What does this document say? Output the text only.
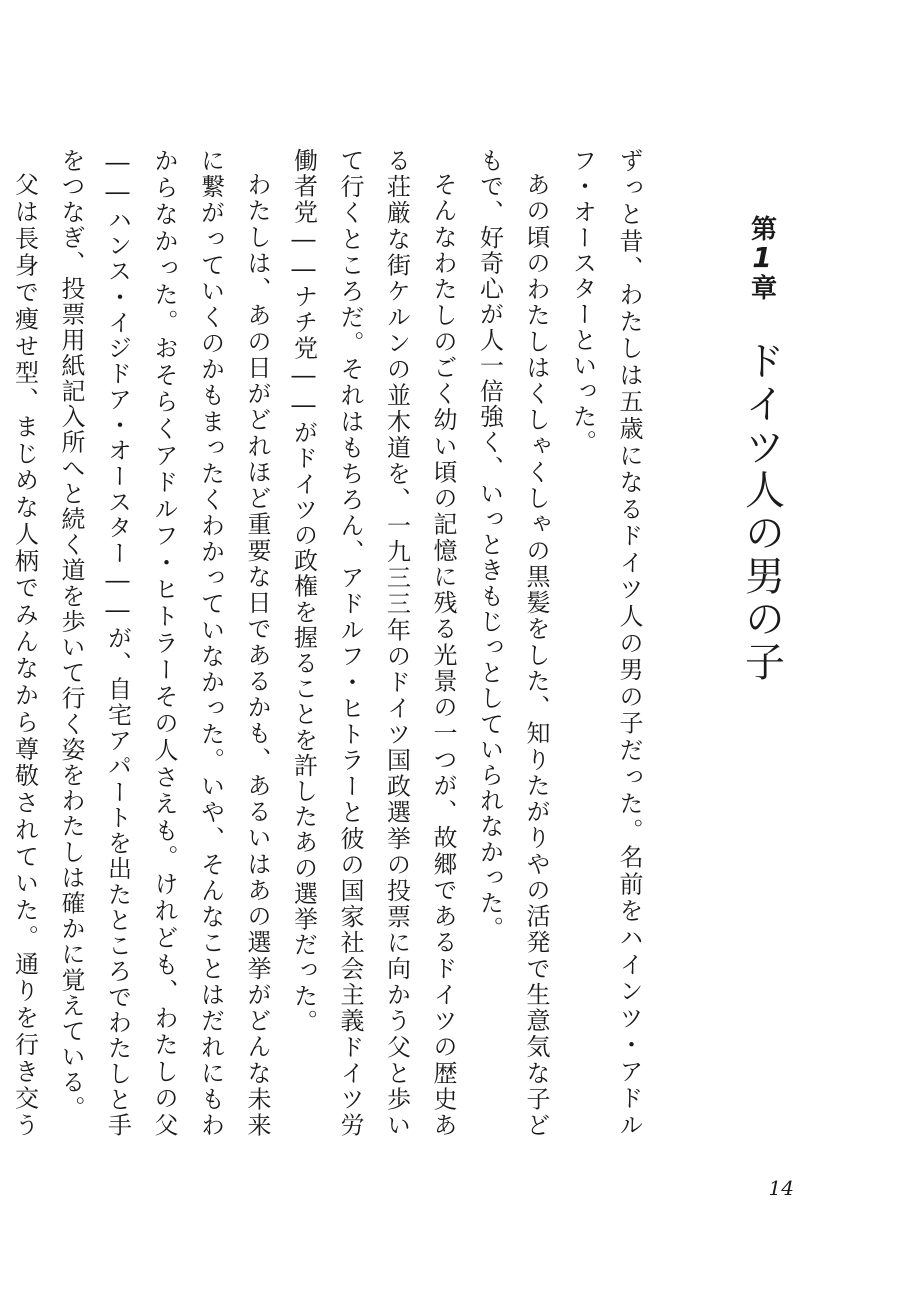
第1章
ドイツ人の男の子

ずっと昔、わたしは五歳になるドイツ人の男の子だった。名前をハインツ・アドルフ・オースターといった。

あの頃のわたしはくしゃくしゃの黒髪をした、知りたがりやの活発で生意気な子どもで、好奇心が人一倍強く、いっときもじっとしていられなかった。

そんなわたしのごく幼い頃の記憶に残る光景の一つが、故郷であるドイツの歴史ある荘厳な街ケルンの並木道を、一九三三年のドイツ国政選挙の投票に向かう父と歩いて行くところだ。それはもちろん、アドルフ・ヒトラーと彼の国家社会主義ドイツ労働者党――ナチ党――がドイツの政権を握ることを許したあの選挙だった。

わたしは、あの日がどれほど重要な日であるかも、あるいはあの選挙がどんな未来に繋がっていくのかもまったくわかっていなかった。いや、そんなことはだれにもわからなかった。おそらくアドルフ・ヒトラーその人さえも。けれども、わたしの父――ハンス・イジドア・オースター――が、自宅アパートを出たところでわたしと手をつなぎ、投票用紙記入所へと続く道を歩いて行く姿をわたしは確かに覚えている。

父は長身で痩せ型、まじめな人柄でみんなから尊敬されていた。通りを行き交う

14
